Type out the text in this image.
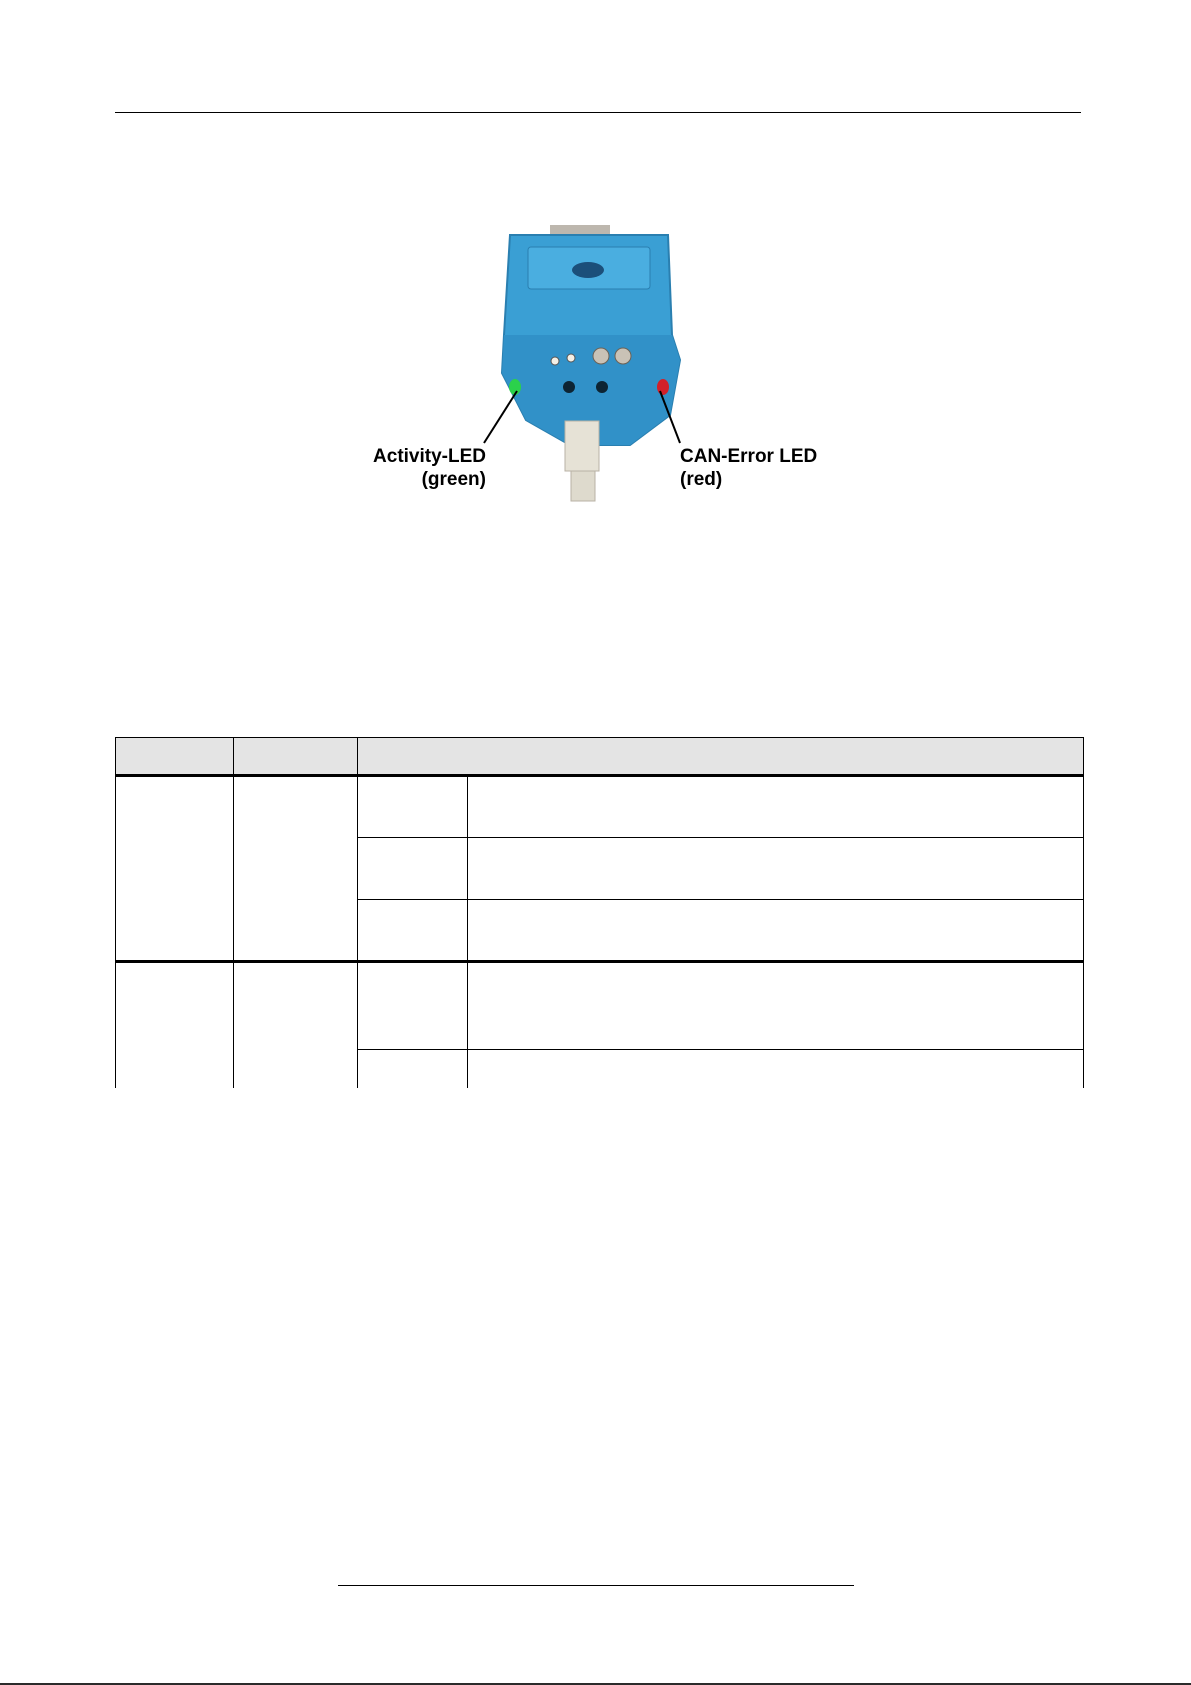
Activity-LED
(green)
CAN-Error LED
(red)
